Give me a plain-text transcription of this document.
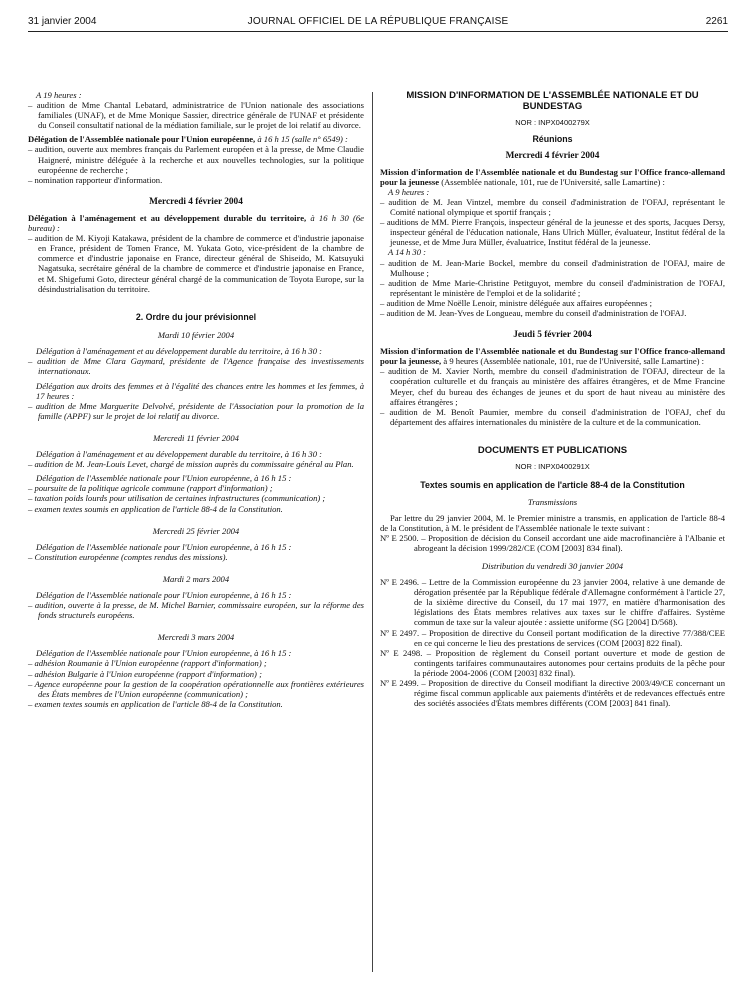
31 janvier 2004	JOURNAL OFFICIEL DE LA RÉPUBLIQUE FRANÇAISE	2261

A 19 heures :

– audition de Mme Chantal Lebatard, administratrice de l'Union nationale des associations familiales (UNAF), et de Mme Monique Sassier, directrice générale de l'UNAF et présidente du Conseil consultatif national de la médiation familiale, sur le projet de loi relatif au divorce.

Délégation de l'Assemblée nationale pour l'Union européenne, à 16 h 15 (salle n° 6549) :

– audition, ouverte aux membres français du Parlement européen et à la presse, de Mme Claudie Haigneré, ministre déléguée à la recherche et aux nouvelles technologies, sur la politique européenne de recherche ;

– nomination rapporteur d'information.

Mercredi 4 février 2004

Délégation à l'aménagement et au développement durable du territoire, à 16 h 30 (6e bureau) :

– audition de M. Kiyoji Katakawa, président de la chambre de commerce et d'industrie japonaise en France, président de Tomen France, M. Yukata Goto, vice-président de la chambre de commerce et d'industrie japonaise en France, directeur général de Shiseido, M. Katsuyuki Nagatsuka, secrétaire général de la chambre de commerce et d'industrie japonaise en France, et M. Shigefumi Goto, directeur général chargé de la communication de Toyota Europe, sur la désindustrialisation du territoire.

2. Ordre du jour prévisionnel

Mardi 10 février 2004

Délégation à l'aménagement et au développement durable du territoire, à 16 h 30 :

– audition de Mme Clara Gaymard, présidente de l'Agence française des investissements internationaux.

Délégation aux droits des femmes et à l'égalité des chances entre les hommes et les femmes, à 17 heures :

– audition de Mme Marguerite Delvolvé, présidente de l'Association pour la promotion de la famille (APPF) sur le projet de loi relatif au divorce.

Mercredi 11 février 2004

Délégation à l'aménagement et au développement durable du territoire, à 16 h 30 :

– audition de M. Jean-Louis Levet, chargé de mission auprès du commissaire général au Plan.

Délégation de l'Assemblée nationale pour l'Union européenne, à 16 h 15 :

– poursuite de la politique agricole commune (rapport d'information) ;

– taxation poids lourds pour utilisation de certaines infrastructures (communication) ;

– examen textes soumis en application de l'article 88-4 de la Constitution.

Mercredi 25 février 2004

Délégation de l'Assemblée nationale pour l'Union européenne, à 16 h 15 :

– Constitution européenne (comptes rendus des missions).

Mardi 2 mars 2004

Délégation de l'Assemblée nationale pour l'Union européenne, à 16 h 15 :

– audition, ouverte à la presse, de M. Michel Barnier, commissaire européen, sur la réforme des fonds structurels européens.

Mercredi 3 mars 2004

Délégation de l'Assemblée nationale pour l'Union européenne, à 16 h 15 :

– adhésion Roumanie à l'Union européenne (rapport d'information) ;

– adhésion Bulgarie à l'Union européenne (rapport d'information) ;

– Agence européenne pour la gestion de la coopération opérationnelle aux frontières extérieures des États membres de l'Union européenne (communication) ;

– examen textes soumis en application de l'article 88-4 de la Constitution.

MISSION D'INFORMATION DE L'ASSEMBLÉE NATIONALE ET DU BUNDESTAG

NOR : INPX0400279X

Réunions

Mercredi 4 février 2004

Mission d'information de l'Assemblée nationale et du Bundestag sur l'Office franco-allemand pour la jeunesse (Assemblée nationale, 101, rue de l'Université, salle Lamartine) :

A 9 heures :

– audition de M. Jean Vintzel, membre du conseil d'administration de l'OFAJ, représentant le Comité national olympique et sportif français ;

– auditions de MM. Pierre François, inspecteur général de la jeunesse et des sports, Jacques Dersy, inspecteur général de l'éducation nationale, Hans Ulrich Müller, évaluateur, Institut fédéral de la jeunesse, et de Mme Jura Müller, évaluatrice, Institut fédéral de la jeunesse.

A 14 h 30 :

– audition de M. Jean-Marie Bockel, membre du conseil d'administration de l'OFAJ, maire de Mulhouse ;

– audition de Mme Marie-Christine Petitguyot, membre du conseil d'administration de l'OFAJ, représentant le ministère de l'emploi et de la solidarité ;

– audition de Mme Noëlle Lenoir, ministre déléguée aux affaires européennes ;

– audition de M. Jean-Yves de Longueau, membre du conseil d'administration de l'OFAJ.

Jeudi 5 février 2004

Mission d'information de l'Assemblée nationale et du Bundestag sur l'Office franco-allemand pour la jeunesse, à 9 heures (Assemblée nationale, 101, rue de l'Université, salle Lamartine) :

– audition de M. Xavier North, membre du conseil d'administration de l'OFAJ, directeur de la coopération culturelle et du français au ministère des affaires étrangères, et de Mme Francine Meyer, chef du bureau des échanges de jeunes et du sport de haut niveau au ministère des affaires étrangères ;

– audition de M. Benoît Paumier, membre du conseil d'administration de l'OFAJ, chef du département des affaires internationales du ministère de la culture et de la communication.

DOCUMENTS ET PUBLICATIONS

NOR : INPX0400291X

Textes soumis en application de l'article 88-4 de la Constitution

Transmissions

Par lettre du 29 janvier 2004, M. le Premier ministre a transmis, en application de l'article 88-4 de la Constitution, à M. le président de l'Assemblée nationale le texte suivant :

Nº E 2500. – Proposition de décision du Conseil accordant une aide macrofinancière à l'Albanie et abrogeant la décision 1999/282/CE (COM [2003] 834 final).

Distribution du vendredi 30 janvier 2004

Nº E 2496. – Lettre de la Commission européenne du 23 janvier 2004, relative à une demande de dérogation présentée par la République fédérale d'Allemagne conformément à l'article 27, de la sixième directive du Conseil, du 17 mai 1977, en matière d'harmonisation des législations des États membres relatives aux taxes sur le chiffre d'affaires. Système commun de taxe sur la valeur ajoutée : assiette uniforme (SG [2004] D/568).

Nº E 2497. – Proposition de directive du Conseil portant modification de la directive 77/388/CEE en ce qui concerne le lieu des prestations de services (COM [2003] 822 final).

Nº E 2498. – Proposition de règlement du Conseil portant ouverture et mode de gestion de contingents tarifaires communautaires autonomes pour certains produits de la pêche pour la période 2004-2006 (COM [2003] 832 final).

Nº E 2499. – Proposition de directive du Conseil modifiant la directive 2003/49/CE concernant un régime fiscal commun applicable aux paiements d'intérêts et de redevances effectués entre des sociétés associées d'États membres différents (COM [2003] 841 final).
